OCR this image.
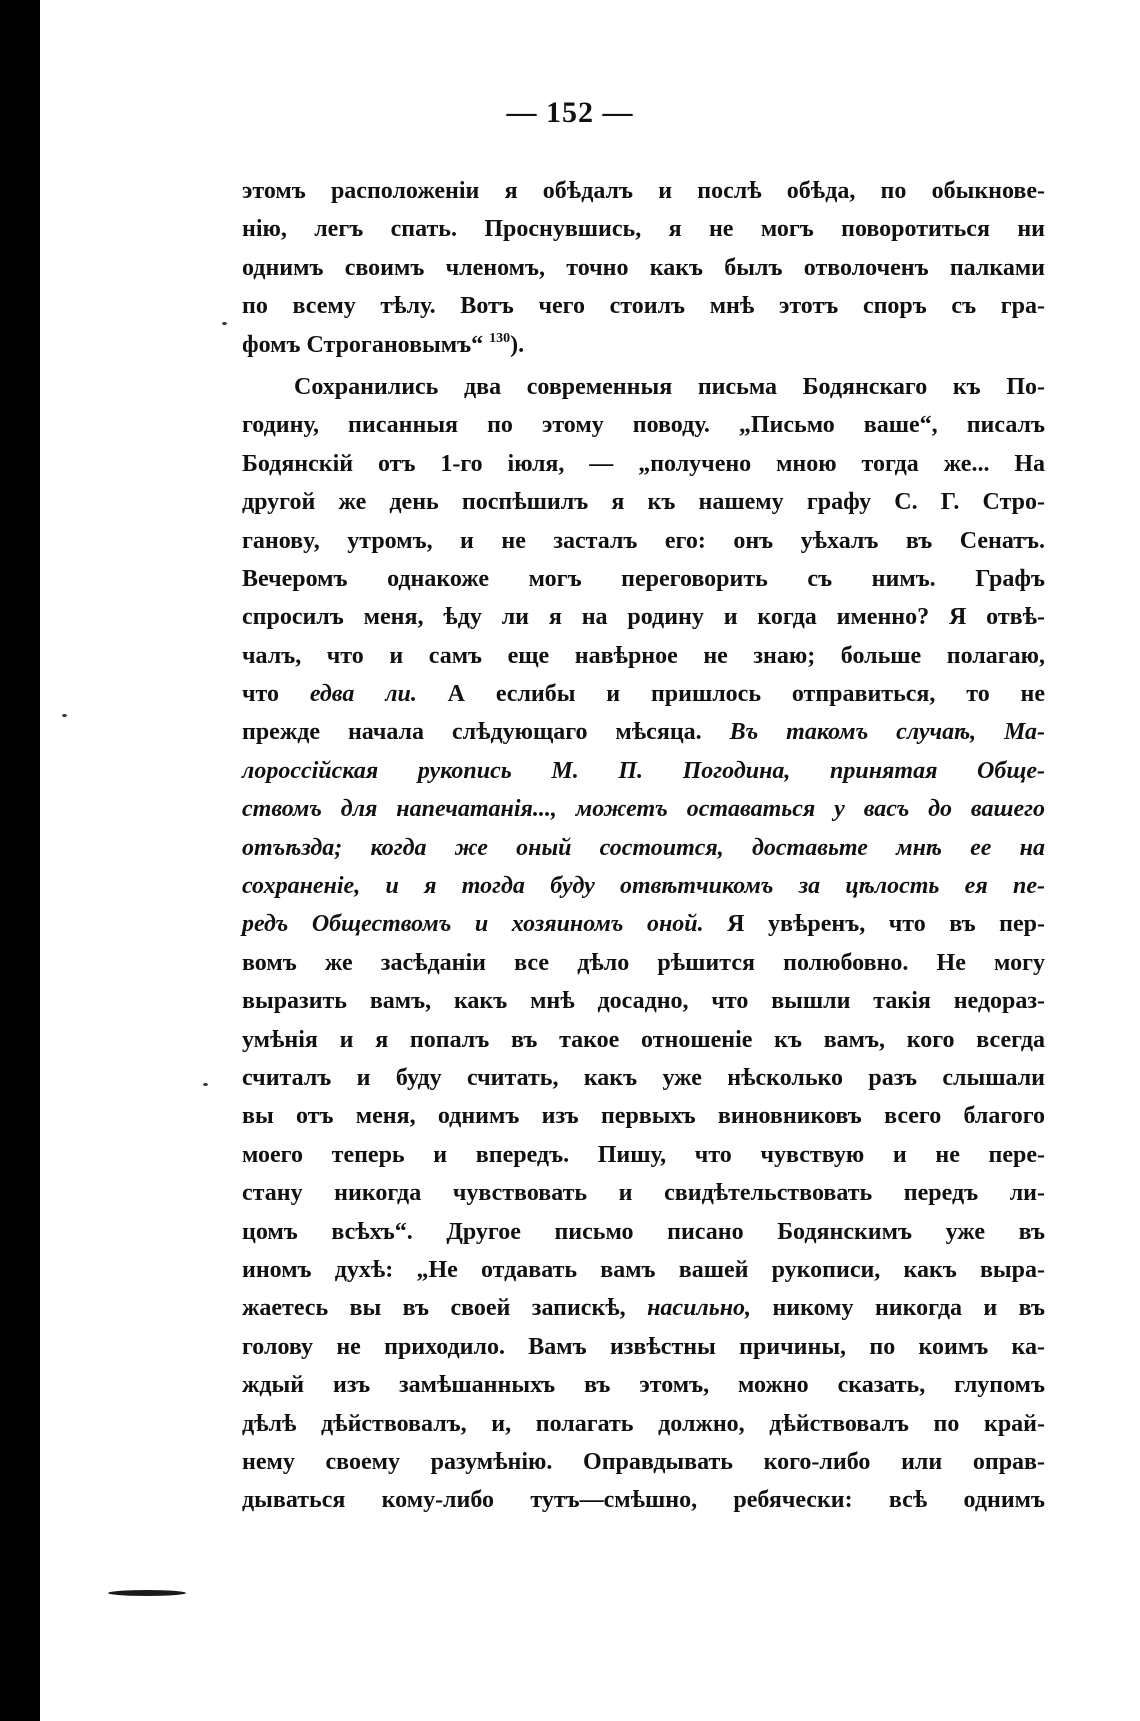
— 152 —
этомъ расположенiи я обѣдалъ и послѣ обѣда, по обыкнове-
нiю, легъ спать. Проснувшись, я не могъ поворотиться ни
однимъ своимъ членомъ, точно какъ былъ отволоченъ палками
по всему тѣлу. Вотъ чего стоилъ мнѣ этотъ споръ съ гра-
фомъ Строгановымъ“ $^{130}$).
Сохранились два современныя письма Бодянскаго къ По-
годину, писанныя по этому поводу. „Письмо ваше“, писалъ
Бодянскiй отъ 1-го iюля, — „получено мною тогда же... На
другой же день поспѣшилъ я къ нашему графу С. Г. Стро-
гановy, утромъ, и не засталъ его: онъ уѣхалъ въ Сенатъ.
Вечеромъ однакоже могъ переговорить съ нимъ. Графъ
спросилъ меня, ѣду ли я на родину и когда именно? Я отвѣ-
чалъ, что и самъ еще навѣрное не знаю; больше полагаю,
что едва ли. А еслибы и пришлось отправиться, то не
прежде начала слѣдующаго мѣсяца. Въ такомъ случаѣ, Ма-
лороссiйская рукопись М. П. Погодина, принятая Обще-
ствомъ для напечатанiя..., можетъ оставаться у васъ до вашего
отъѣзда; когда же оный состоится, доставьте мнѣ ее на
сохраненiе, и я тогда буду отвѣтчикомъ за цѣлость ея пе-
редъ Обществомъ и хозяиномъ оной. Я увѣренъ, что въ пер-
вомъ же засѣданiи все дѣло рѣшится полюбовно. Не могу
выразить вамъ, какъ мнѣ досадно, что вышли такiя недораз-
умѣнiя и я попалъ въ такое отношенiе къ вамъ, кого всегда
считалъ и буду считать, какъ уже нѣсколько разъ слышали
вы отъ меня, однимъ изъ первыхъ виновниковъ всего благого
моего теперь и впередъ. Пишу, что чувствую и не пере-
стану никогда чувствовать и свидѣтельствовать передъ ли-
цомъ всѣхъ“. Другое письмо писано Бодянскимъ уже въ
иномъ духѣ: „Не отдавать вамъ вашей рукописи, какъ выра-
жаетесь вы въ своей запискѣ, насильно, никому никогда и въ
голову не приходило. Вамъ извѣстны причины, по коимъ ка-
ждый изъ замѣшанныхъ въ этомъ, можно сказать, глупомъ
дѣлѣ дѣйствовалъ, и, полагать должно, дѣйствовалъ по край-
нему своему разумѣнiю. Оправдывать кого-либо или оправ-
дываться кому-либо тутъ—смѣшно, ребячески: всѣ однимъ
